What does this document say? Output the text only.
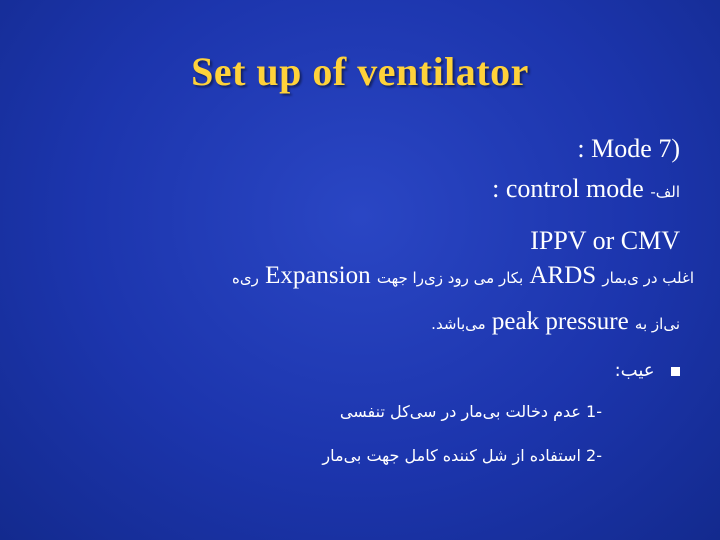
Set up of ventilator
(7 Mode :
الف- control mode :
IPPV or CMV
اغلب در ی‌بمار ARDS بکار می رود زی‌را جهت Expansion ری‌ه
نی‌از به peak pressure می‌باشد.
عیب:
-1 عدم دخالت بی‌مار در سی‌کل تنفسی
-2 استفاده از شل کننده کامل جهت بی‌مار
